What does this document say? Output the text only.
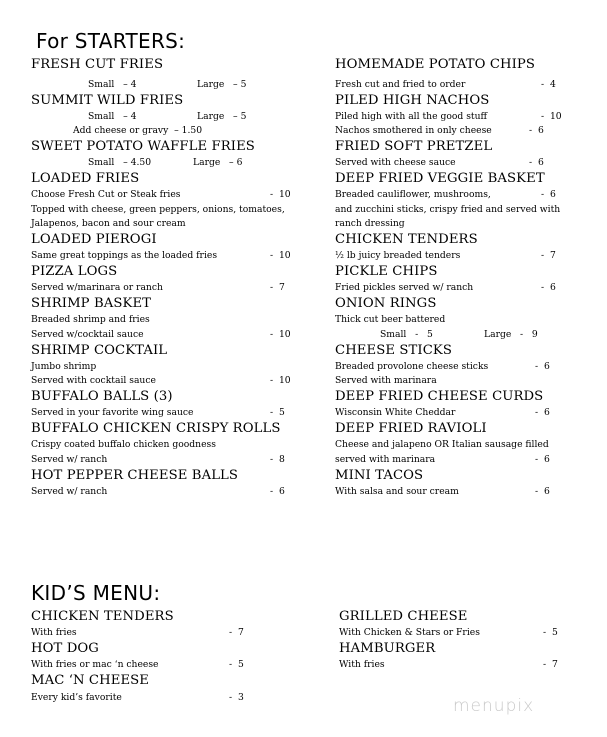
For STARTERS:
FRESH CUT FRIES
Small   – 4	Large   – 5
SUMMIT WILD FRIES
Small   – 4	Large   – 5
Add cheese or gravy  – 1.50
SWEET POTATO WAFFLE FRIES
Small   – 4.50	Large   – 6
LOADED FRIES
Choose Fresh Cut or Steak fries	-  10
Topped with cheese, green peppers, onions, tomatoes,
Jalapenos, bacon and sour cream
LOADED PIEROGI
Same great toppings as the loaded fries	-  10
PIZZA LOGS
Served w/marinara or ranch	-  7
SHRIMP BASKET
Breaded shrimp and fries
Served w/cocktail sauce	-  10
SHRIMP COCKTAIL
Jumbo shrimp
Served with cocktail sauce	-  10
BUFFALO BALLS (3)
Served in your favorite wing sauce	-  5
BUFFALO CHICKEN CRISPY ROLLS
Crispy coated buffalo chicken goodness
Served w/ ranch	-  8
HOT PEPPER CHEESE BALLS
Served w/ ranch	-  6
HOMEMADE POTATO CHIPS
Fresh cut and fried to order	-  4
PILED HIGH NACHOS
Piled high with all the good stuff	-  10
Nachos smothered in only cheese	-  6
FRIED SOFT PRETZEL
Served with cheese sauce	-  6
DEEP FRIED VEGGIE BASKET
Breaded cauliflower, mushrooms,	-  6
and zucchini sticks, crispy fried and served with
ranch dressing
CHICKEN TENDERS
½ lb juicy breaded tenders	-  7
PICKLE CHIPS
Fried pickles served w/ ranch	-  6
ONION RINGS
Thick cut beer battered
Small   -   5	Large   -   9
CHEESE STICKS
Breaded provolone cheese sticks	-  6
Served with marinara
DEEP FRIED CHEESE CURDS
Wisconsin White Cheddar	-  6
DEEP FRIED RAVIOLI
Cheese and jalapeno OR Italian sausage filled
served with marinara	-  6
MINI TACOS
With salsa and sour cream	-  6
KID’S MENU:
CHICKEN TENDERS
With fries	-  7
HOT DOG
With fries or mac ‘n cheese	-  5
MAC ‘N CHEESE
Every kid’s favorite	-  3
GRILLED CHEESE
With Chicken & Stars or Fries	-  5
HAMBURGER
With fries	-  7
menupix
